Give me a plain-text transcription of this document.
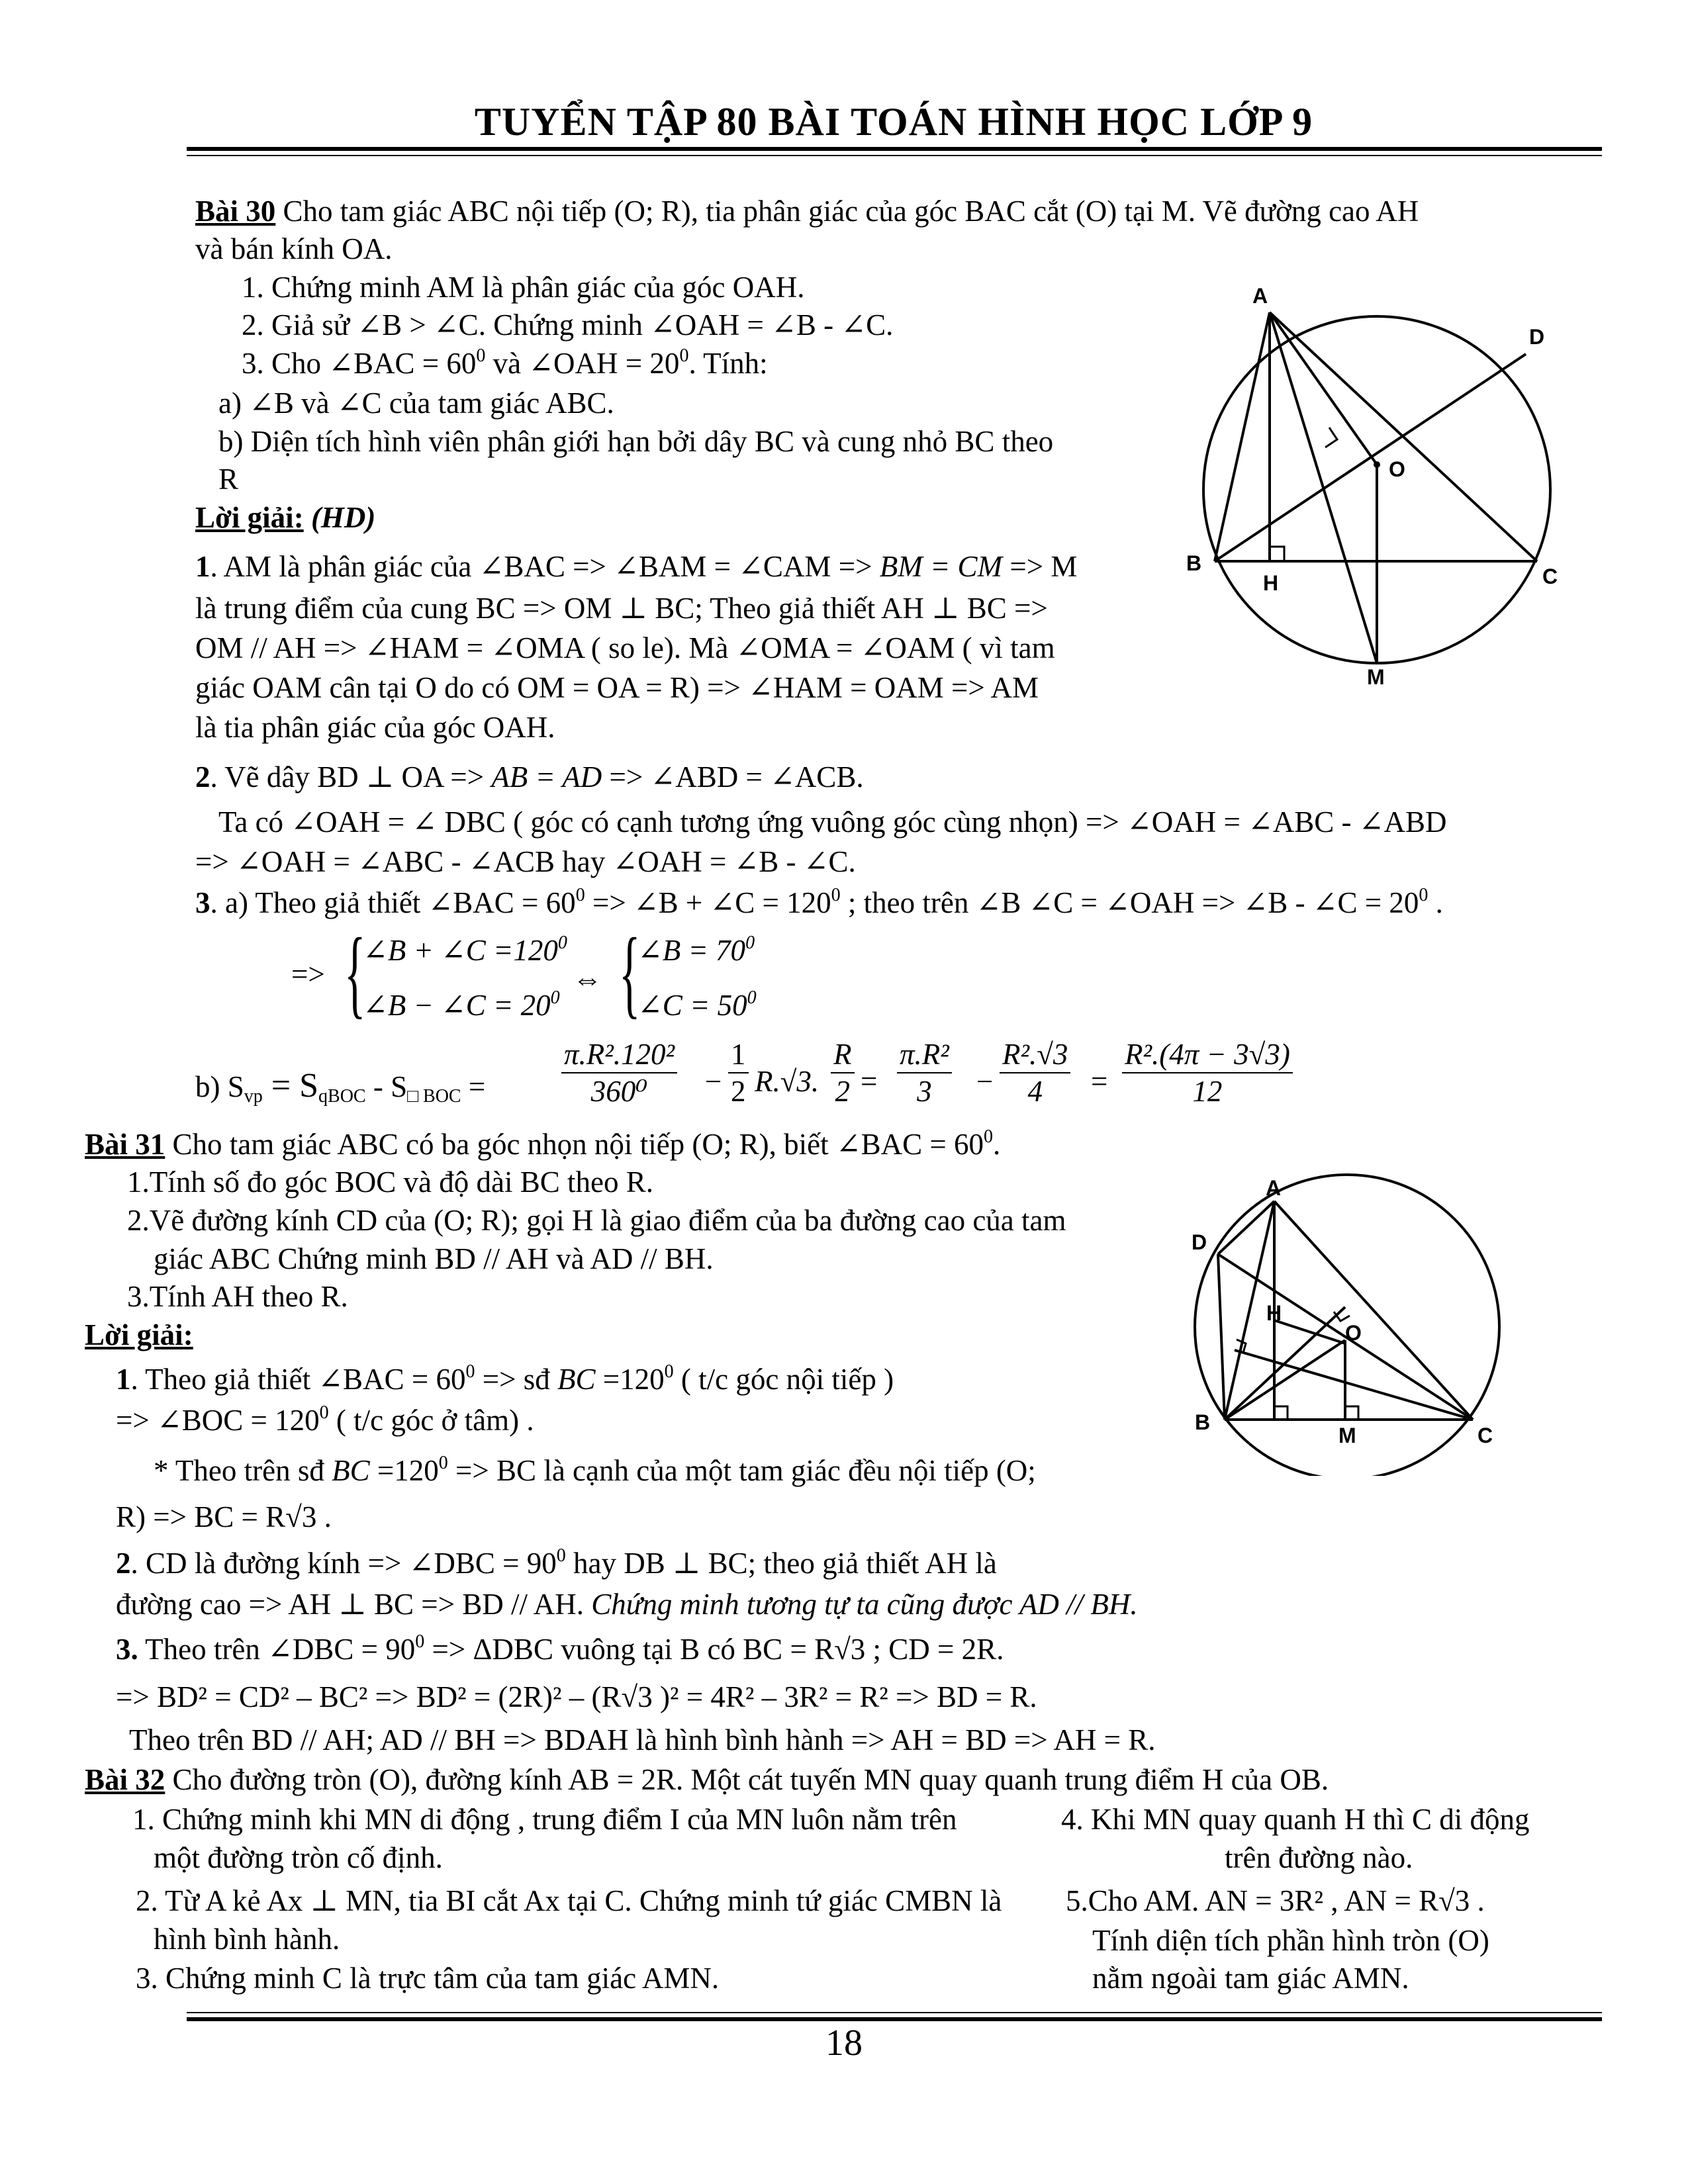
TUYỂN TẬP 80 BÀI TOÁN HÌNH HỌC LỚP 9
Bài 30 Cho tam giác ABC nội tiếp (O; R), tia phân giác của góc BAC cắt (O) tại M. Vẽ đường cao AH
và bán kính OA.
1. Chứng minh AM là phân giác của góc OAH.
2. Giả sử ∠B > ∠C. Chứng minh ∠OAH = ∠B - ∠C.
3. Cho ∠BAC = $60^0$ và ∠OAH = $20^0$. Tính:
a) ∠B và ∠C của tam giác ABC.
b) Diện tích hình viên phân giới hạn bởi dây BC và cung nhỏ BC theo
R
Lời giải: (HD)
1. AM là phân giác của ∠BAC => ∠BAM = ∠CAM => BM = CM => M
là trung điểm của cung BC => OM ⊥ BC; Theo giả thiết AH ⊥ BC =>
OM // AH => ∠HAM = ∠OMA ( so le). Mà ∠OMA = ∠OAM ( vì tam
giác OAM cân tại O do có OM = OA = R) => ∠HAM = OAM => AM
là tia phân giác của góc OAH.
2. Vẽ dây BD ⊥ OA => AB = AD => ∠ABD = ∠ACB.
Ta có ∠OAH = ∠ DBC ( góc có cạnh tương ứng vuông góc cùng nhọn) => ∠OAH = ∠ABC - ∠ABD
=> ∠OAH = ∠ABC - ∠ACB hay ∠OAH = ∠B - ∠C.
3. a) Theo giả thiết ∠BAC = $60^0$ => ∠B + ∠C = $120^0$ ; theo trên ∠B ∠C = ∠OAH => ∠B - ∠C = $20^0$ .
=> {
∠B + ∠C $=120^0$
∠B − ∠C = $20^0$
⇔ {
∠B = $70^0$
∠C = $50^0$
b) $S_{vp} = S_{qBOC} - S_{□ BOC}$ =	$\frac{\text{π.R².120²}}{\text{360⁰}} - \frac{1}{2} R.√3$. $\frac{R}{2} = \frac{\text{π.R²}}{3} - \frac{\text{R².√3}}{4} = \frac{\text{R².(4π − 3√3)}}{12}$
Bài 31 Cho tam giác ABC có ba góc nhọn nội tiếp (O; R), biết ∠BAC = $60^0$.
1.Tính số đo góc BOC và độ dài BC theo R.
2.Vẽ đường kính CD của (O; R); gọi H là giao điểm của ba đường cao của tam
giác ABC Chứng minh BD // AH và AD // BH.
3.Tính AH theo R.
Lời giải:
1. Theo giả thiết ∠BAC = $60^0$ => sđ BC $=120^0$ ( t/c góc nội tiếp )
=> ∠BOC = $120^0$ ( t/c góc ở tâm) .
* Theo trên sđ BC $=120^0$ => BC là cạnh của một tam giác đều nội tiếp (O;
R) => BC = R√3 .
2. CD là đường kính => ∠DBC = $90^0$ hay DB ⊥ BC; theo giả thiết AH là
đường cao => AH ⊥ BC => BD // AH. Chứng minh tương tự ta cũng được AD // BH.
3. Theo trên ∠DBC = $90^0 => \Delta DBC$ vuông tại B có BC = R√3 ; CD = 2R.
=> BD² = CD² – BC² => BD² = (2R)² – (R√3 )² = 4R² – 3R² = R² => BD = R.
Theo trên BD // AH; AD // BH => BDAH là hình bình hành => AH = BD => AH = R.
Bài 32 Cho đường tròn (O), đường kính AB = 2R. Một cát tuyến MN quay quanh trung điểm H của OB.
1. Chứng minh khi MN di động , trung điểm I của MN luôn nằm trên
một đường tròn cố định.
4. Khi MN quay quanh H thì C di động
trên đường nào.
2. Từ A kẻ Ax ⊥ MN, tia BI cắt Ax tại C. Chứng minh tứ giác CMBN là
hình bình hành.
5.Cho AM. AN = 3R² , AN = R√3 .
Tính diện tích phần hình tròn (O)
nằm ngoài tam giác AMN.
3. Chứng minh C là trực tâm của tam giác AMN.
A
B
C
D
H
M
O
A
B
C
D
H
M
O
18
